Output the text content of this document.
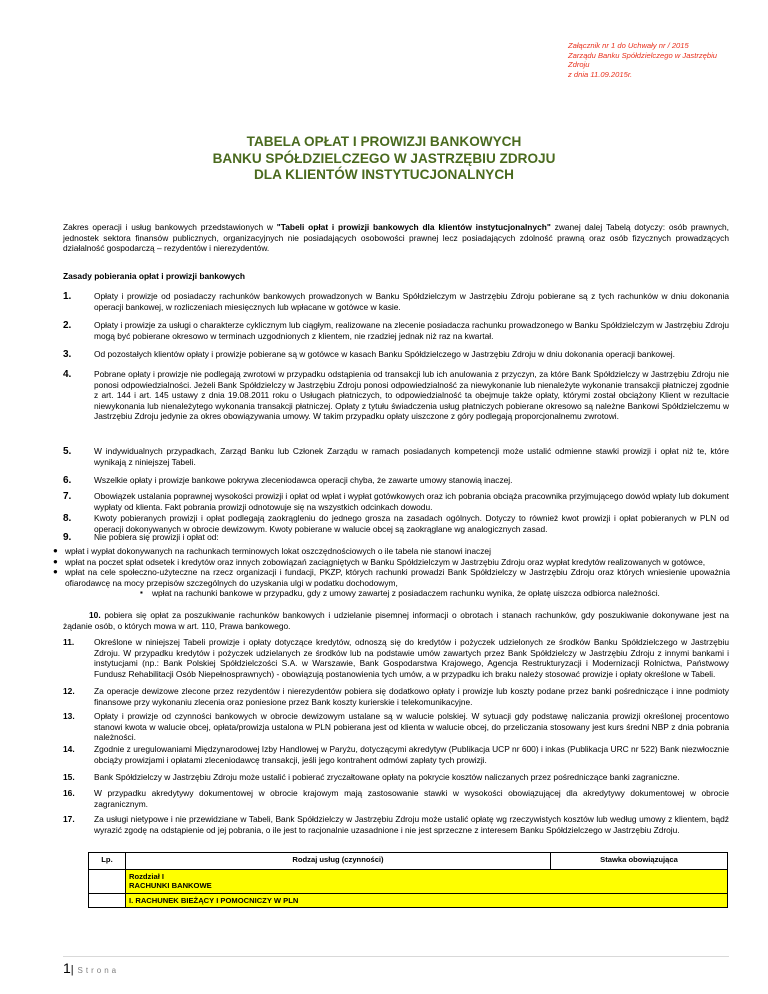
Załącznik nr 1 do Uchwały nr / 2015
Zarządu Banku Spółdzielczego w Jastrzębiu
Zdroju
z dnia 11.09.2015r.
TABELA OPŁAT I PROWIZJI BANKOWYCH
BANKU SPÓŁDZIELCZEGO W JASTRZĘBIU ZDROJU
DLA KLIENTÓW INSTYTUCJONALNYCH
Zakres operacji i usług bankowych przedstawionych w "Tabeli opłat i prowizji bankowych dla klientów instytucjonalnych" zwanej dalej Tabelą dotyczy: osób prawnych, jednostek sektora finansów publicznych, organizacyjnych nie posiadających osobowości prawnej lecz posiadających zdolność prawną oraz osób fizycznych prowadzących działalność gospodarczą – rezydentów i nierezydentów.
Zasady pobierania opłat i prowizji bankowych
1.	Opłaty i prowizje od posiadaczy rachunków bankowych prowadzonych w Banku Spółdzielczym w Jastrzębiu Zdroju pobierane są z tych rachunków w dniu dokonania operacji bankowej, w rozliczeniach miesięcznych lub wpłacane w gotówce w kasie.
2.	Opłaty i prowizje za usługi o charakterze cyklicznym lub ciągłym, realizowane na zlecenie posiadacza rachunku prowadzonego w Banku Spółdzielczym w Jastrzębiu Zdroju mogą być pobierane okresowo w terminach uzgodnionych z klientem, nie rzadziej jednak niż raz na kwartał.
3.	Od pozostałych klientów opłaty i prowizje pobierane są w gotówce w kasach Banku Spółdzielczego w Jastrzębiu Zdroju w dniu dokonania operacji bankowej.
4.	Pobrane opłaty i prowizje nie podlegają zwrotowi w przypadku odstąpienia od transakcji lub ich anulowania z przyczyn, za które Bank Spółdzielczy w Jastrzębiu Zdroju nie ponosi odpowiedzialności. Jeżeli Bank Spółdzielczy w Jastrzębiu Zdroju ponosi odpowiedzialność za niewykonanie lub nienależyte wykonanie transakcji płatniczej zgodnie z art. 144 i art. 145 ustawy z dnia 19.08.2011 roku o Usługach płatniczych, to odpowiedzialność ta obejmuje także opłaty, którymi został obciążony Klient w rezultacie niewykonania lub nienależytego wykonania transakcji płatniczej. Opłaty z tytułu świadczenia usług płatniczych pobierane okresowo są należne Bankowi Spółdzielczemu w Jastrzębiu Zdroju jedynie za okres obowiązywania umowy. W takim przypadku opłaty uiszczone z góry podlegają proporcjonalnemu zwrotowi.
5.	W indywidualnych przypadkach, Zarząd Banku lub Członek Zarządu w ramach posiadanych kompetencji może ustalić odmienne stawki prowizji i opłat niż te, które wynikają z niniejszej Tabeli.
6.	Wszelkie opłaty i prowizje bankowe pokrywa zleceniodawca operacji chyba, że zawarte umowy stanowią inaczej.
7.	Obowiązek ustalania poprawnej wysokości prowizji i opłat od wpłat i wypłat gotówkowych oraz ich pobrania obciąża pracownika przyjmującego dowód wpłaty lub dokument wypłaty od klienta. Fakt pobrania prowizji odnotowuje się na wszystkich odcinkach dowodu.
8.	Kwoty pobieranych prowizji i opłat podlegają zaokrągleniu do jednego grosza na zasadach ogólnych. Dotyczy to również kwot prowizji i opłat pobieranych w PLN od operacji dokonywanych w obrocie dewizowym. Kwoty pobierane w walucie obcej są zaokrąglane wg analogicznych zasad.
9.	Nie pobiera się prowizji i opłat od:
● wpłat i wypłat dokonywanych na rachunkach terminowych lokat oszczędnościowych o ile tabela nie stanowi inaczej
● wpłat na poczet spłat odsetek i kredytów oraz innych zobowiązań zaciągniętych w Banku Spółdzielczym w Jastrzębiu Zdroju oraz wypłat kredytów realizowanych w gotówce,
● wpłat na cele społeczno-użyteczne na rzecz organizacji i fundacji, PKZP, których rachunki prowadzi Bank Spółdzielczy w Jastrzębiu Zdroju oraz których wniesienie upoważnia ofiarodawcę na mocy przepisów szczególnych do uzyskania ulgi w podatku dochodowym,
▪ wpłat na rachunki bankowe w przypadku, gdy z umowy zawartej z posiadaczem rachunku wynika, że opłatę uiszcza odbiorca należności.
10. pobiera się opłat za poszukiwanie rachunków bankowych i udzielanie pisemnej informacji o obrotach i stanach rachunków, gdy poszukiwanie dokonywane jest na żądanie osób, o których mowa w art. 110, Prawa bankowego.
11. Określone w niniejszej Tabeli prowizje i opłaty dotyczące kredytów, odnoszą się do kredytów i pożyczek udzielonych ze środków Banku Spółdzielczego w Jastrzębiu Zdroju. W przypadku kredytów i pożyczek udzielanych ze środków lub na podstawie umów zawartych przez Bank Spółdzielczy w Jastrzębiu Zdroju z innymi bankami i instytucjami (np.: Bank Polskiej Spółdzielczości S.A. w Warszawie, Bank Gospodarstwa Krajowego, Agencja Restrukturyzacji i Modernizacji Rolnictwa, Państwowy Fundusz Rehabilitacji Osób Niepełnosprawnych) - obowiązują postanowienia tych umów, a w przypadku ich braku należy stosować prowizje i opłaty określone w Tabeli.
12. Za operacje dewizowe zlecone przez rezydentów i nierezydentów pobiera się dodatkowo opłaty i prowizje lub koszty podane przez banki pośredniczące i inne podmioty finansowe przy wykonaniu zlecenia oraz poniesione przez Bank koszty kurierskie i telekomunikacyjne.
13. Opłaty i prowizje od czynności bankowych w obrocie dewizowym ustalane są w walucie polskiej. W sytuacji gdy podstawę naliczania prowizji określonej procentowo stanowi kwota w walucie obcej, opłata/prowizja ustalona w PLN pobierana jest od klienta w walucie obcej, do przeliczania stosowany jest kurs średni NBP z dnia pobrania należności.
14. Zgodnie z uregulowaniami Międzynarodowej Izby Handlowej w Paryżu, dotyczącymi akredytyw (Publikacja UCP nr 600) i inkas (Publikacja URC nr 522) Bank niezwłocznie obciąży prowizjami i opłatami zleceniodawcę transakcji, jeśli jego kontrahent odmówi zapłaty tych prowizji.
15. Bank Spółdzielczy w Jastrzębiu Zdroju może ustalić i pobierać zryczałtowane opłaty na pokrycie kosztów naliczanych przez pośredniczące banki zagraniczne.
16. W przypadku akredytywy dokumentowej w obrocie krajowym mają zastosowanie stawki w wysokości obowiązującej dla akredytywy dokumentowej w obrocie zagranicznym.
17. Za usługi nietypowe i nie przewidziane w Tabeli, Bank Spółdzielczy w Jastrzębiu Zdroju może ustalić opłatę wg rzeczywistych kosztów lub według umowy z klientem, bądź wyrazić zgodę na odstąpienie od jej pobrania, o ile jest to racjonalnie uzasadnione i nie jest sprzeczne z interesem Banku Spółdzielczego w Jastrzębiu Zdroju.
Lp.	Rodzaj usług (czynności)	Stawka obowiązująca

	Rozdział I
RACHUNKI BANKOWE	

	I. RACHUNEK BIEŻĄCY I POMOCNICZY W PLN	
1| Strona
